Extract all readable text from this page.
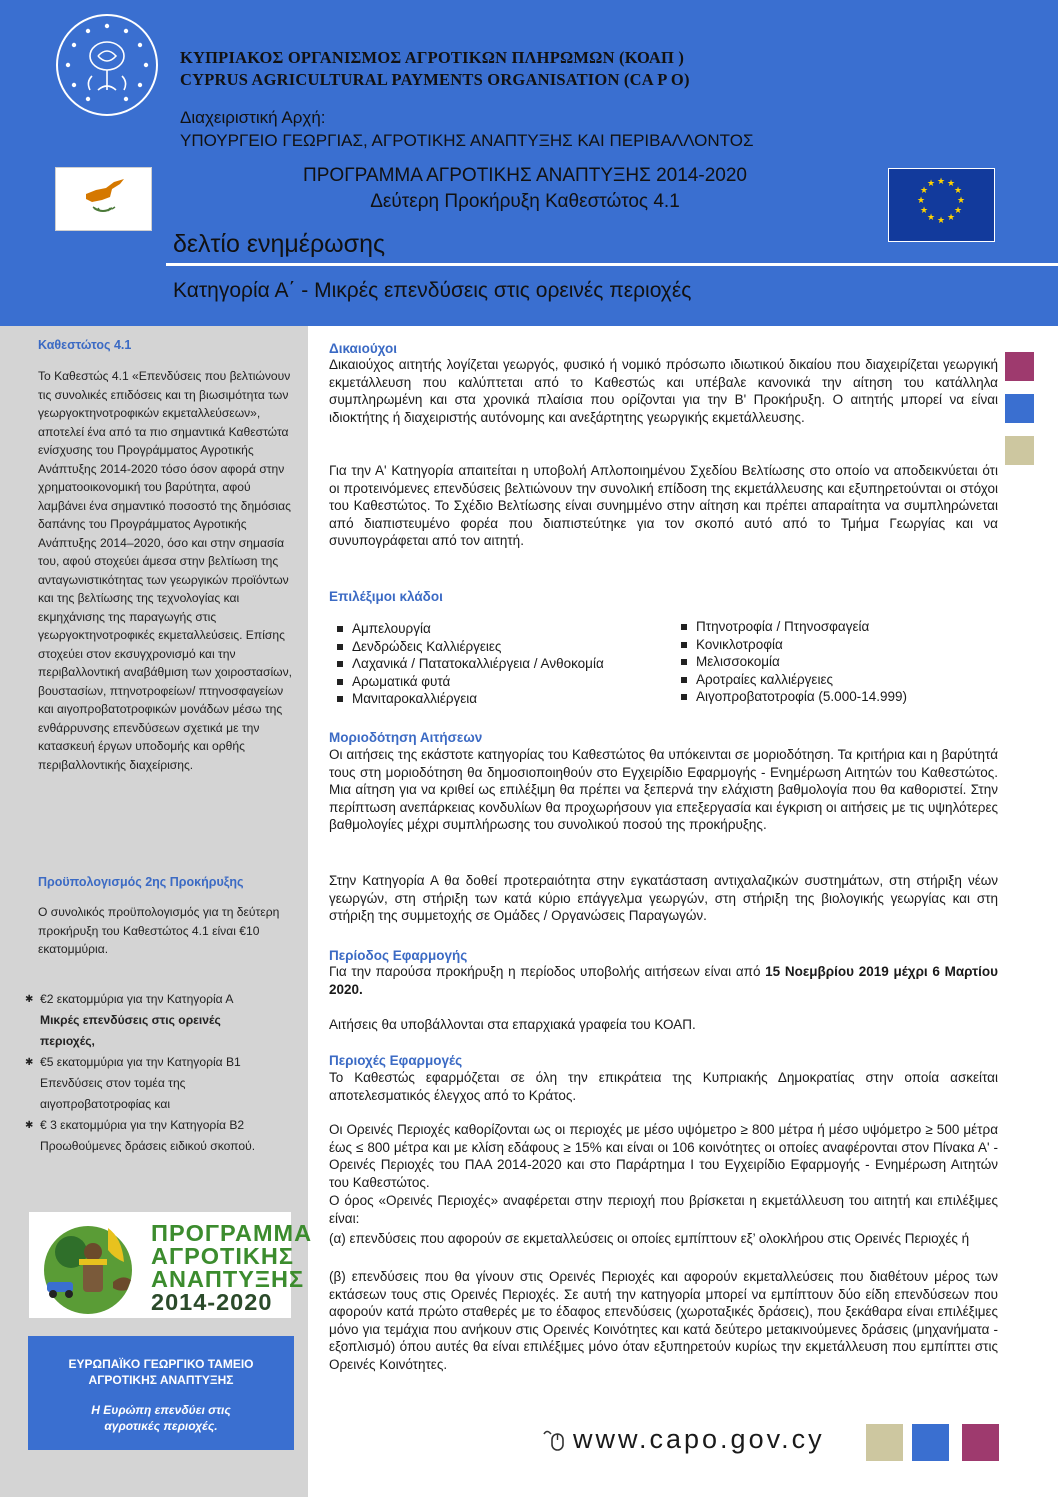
ΚΥΠΡΙΑΚΟΣ ΟΡΓΑΝΙΣΜΟΣ ΑΓΡΟΤΙΚΩΝ ΠΛΗΡΩΜΩΝ (ΚΟΑΠ )
CYPRUS AGRICULTURAL PAYMENTS ORGANISATION (CA P O)
Διαχειριστική Αρχή:
ΥΠΟΥΡΓΕΙΟ ΓΕΩΡΓΙΑΣ, ΑΓΡΟΤΙΚΗΣ ΑΝΑΠΤΥΞΗΣ ΚΑΙ ΠΕΡΙΒΑΛΛΟΝΤΟΣ
ΠΡΟΓΡΑΜΜΑ ΑΓΡΟΤΙΚΗΣ ΑΝΑΠΤΥΞΗΣ 2014-2020
Δεύτερη Προκήρυξη Καθεστώτος 4.1
★ ★
★
★
★
★
★
★
★
★
★
★
δελτίο ενημέρωσης
Κατηγορία Α΄ - Μικρές επενδύσεις στις ορεινές περιοχές
Καθεστώτος 4.1
Το Καθεστώς 4.1 «Επενδύσεις που βελτιώνουν τις συνολικές επιδόσεις και τη βιωσιμότητα των γεωργοκτηνοτροφικών εκμεταλλεύσεων», αποτελεί ένα από τα πιο σημαντικά Καθεστώτα ενίσχυσης του Προγράμματος Αγροτικής Ανάπτυξης 2014-2020 τόσο όσον αφορά στην χρηματοοικονομική του βαρύτητα, αφού λαμβάνει ένα σημαντικό ποσοστό της δημόσιας δαπάνης του Προγράμματος Αγροτικής Ανάπτυξης 2014–2020, όσο και στην σημασία του, αφού στοχεύει άμεσα στην βελτίωση της ανταγωνιστικότητας των γεωργικών προϊόντων και της βελτίωσης της τεχνολογίας και εκμηχάνισης της παραγωγής στις γεωργοκτηνοτροφικές εκμεταλλεύσεις. Επίσης στοχεύει στον εκσυγχρονισμό και την περιβαλλοντική αναβάθμιση των χοιροστασίων, βουστασίων, πτηνοτροφείων/ πτηνοσφαγείων και αιγοπροβατοτροφικών μονάδων μέσω της ενθάρρυνσης επενδύσεων σχετικά με την κατασκευή έργων υποδομής και ορθής περιβαλλοντικής διαχείρισης.
Προϋπολογισμός 2ης Προκήρυξης
Ο συνολικός προϋπολογισμός για τη δεύτερη προκήρυξη του Καθεστώτος 4.1 είναι €10 εκατομμύρια.
✱ €2 εκατομμύρια για την Κατηγορία Α
Μικρές επενδύσεις στις ορεινές
περιοχές,
✱ €5 εκατομμύρια για την Κατηγορία Β1
Επενδύσεις στον τομέα της
αιγοπροβατοτροφίας και
✱ € 3 εκατομμύρια για την Κατηγορία Β2
Προωθούμενες δράσεις ειδικού σκοπού.
ΠΡΟΓΡΑΜΜΑ
ΑΓΡΟΤΙΚΗΣ
ΑΝΑΠΤΥΞΗΣ
2014-2020
ΕΥΡΩΠΑΪΚΟ ΓΕΩΡΓΙΚΟ ΤΑΜΕΙΟ
ΑΓΡΟΤΙΚΗΣ ΑΝΑΠΤΥΞΗΣ
Η Ευρώπη επενδύει στις
αγροτικές περιοχές.
Δικαιούχοι
Δικαιούχος αιτητής λογίζεται γεωργός, φυσικό ή νομικό πρόσωπο ιδιωτικού δικαίου που διαχειρίζεται γεωργική εκμετάλλευση που καλύπτεται από το Καθεστώς και υπέβαλε κανονικά την αίτηση του κατάλληλα συμπληρωμένη και στα χρονικά πλαίσια που ορίζονται για την Β' Προκήρυξη. Ο αιτητής μπορεί να είναι ιδιοκτήτης ή διαχειριστής αυτόνομης και ανεξάρτητης γεωργικής εκμετάλλευσης.
Για την Α' Κατηγορία απαιτείται η υποβολή Απλοποιημένου Σχεδίου Βελτίωσης στο οποίο να αποδεικνύεται ότι οι προτεινόμενες επενδύσεις βελτιώνουν την συνολική επίδοση της εκμετάλλευσης και εξυπηρετούνται οι στόχοι του Καθεστώτος. Το Σχέδιο Βελτίωσης είναι συνημμένο στην αίτηση και πρέπει απαραίτητα να συμπληρώνεται από διαπιστευμένο φορέα που διαπιστεύτηκε για τον σκοπό αυτό από το Τμήμα Γεωργίας και να συνυπογράφεται από τον αιτητή.
Επιλέξιμοι κλάδοι
Αμπελουργία
Δενδρώδεις Καλλιέργειες
Λαχανικά / Πατατοκαλλιέργεια / Ανθοκομία
Αρωματικά φυτά
Μανιταροκαλλιέργεια
Πτηνοτροφία / Πτηνοσφαγεία
Κονικλοτροφία
Μελισσοκομία
Αροτραίες καλλιέργειες
Αιγοπροβατοτροφία (5.000-14.999)
Μοριοδότηση Αιτήσεων
Οι αιτήσεις της εκάστοτε κατηγορίας του Καθεστώτος θα υπόκεινται σε μοριοδότηση. Τα κριτήρια και η βαρύτητά τους στη μοριοδότηση θα δημοσιοποιηθούν στο Εγχειρίδιο Εφαρμογής - Ενημέρωση Αιτητών του Καθεστώτος. Μια αίτηση για να κριθεί ως επιλέξιμη θα πρέπει να ξεπερνά την ελάχιστη βαθμολογία που θα καθοριστεί. Στην περίπτωση ανεπάρκειας κονδυλίων θα προχωρήσουν για επεξεργασία και έγκριση οι αιτήσεις με τις υψηλότερες βαθμολογίες μέχρι συμπλήρωσης του συνολικού ποσού της προκήρυξης.
Στην Κατηγορία Α θα δοθεί προτεραιότητα στην εγκατάσταση αντιχαλαζικών συστημάτων, στη στήριξη νέων γεωργών, στη στήριξη των κατά κύριο επάγγελμα γεωργών, στη στήριξη της βιολογικής γεωργίας και στη στήριξη της συμμετοχής σε Ομάδες / Οργανώσεις Παραγωγών.
Περίοδος Εφαρμογής
Για την παρούσα προκήρυξη η περίοδος υποβολής αιτήσεων είναι από 15 Νοεμβρίου 2019 μέχρι 6 Μαρτίου 2020.
Αιτήσεις θα υποβάλλονται στα επαρχιακά γραφεία του ΚΟΑΠ.
Περιοχές Εφαρμογές
Το Καθεστώς εφαρμόζεται σε όλη την επικράτεια της Κυπριακής Δημοκρατίας στην οποία ασκείται αποτελεσματικός έλεγχος από το Κράτος.
Οι Ορεινές Περιοχές καθορίζονται ως οι περιοχές με μέσο υψόμετρο ≥ 800 μέτρα ή μέσο υψόμετρο ≥ 500 μέτρα έως ≤ 800 μέτρα και με κλίση εδάφους ≥ 15% και είναι οι 106 κοινότητες οι οποίες αναφέρονται στον Πίνακα Α' - Ορεινές Περιοχές του ΠΑΑ 2014-2020 και στο Παράρτημα Ι του Εγχειρίδιο Εφαρμογής - Ενημέρωση Αιτητών του Καθεστώτος.
Ο όρος «Ορεινές Περιοχές» αναφέρεται στην περιοχή που βρίσκεται η εκμετάλλευση του αιτητή και επιλέξιμες είναι:
(α) επενδύσεις που αφορούν σε εκμεταλλεύσεις οι οποίες εμπίπτουν εξ’ ολοκλήρου στις Ορεινές Περιοχές ή
(β) επενδύσεις που θα γίνουν στις Ορεινές Περιοχές και αφορούν εκμεταλλεύσεις που διαθέτουν μέρος των εκτάσεων τους στις Ορεινές Περιοχές. Σε αυτή την κατηγορία μπορεί να εμπίπτουν δύο είδη επενδύσεων που αφορούν κατά πρώτο σταθερές με το έδαφος επενδύσεις (χωροταξικές δράσεις), που ξεκάθαρα είναι επιλέξιμες μόνο για τεμάχια που ανήκουν στις Ορεινές Κοινότητες και κατά δεύτερο μετακινούμενες δράσεις (μηχανήματα - εξοπλισμό) όπου αυτές θα είναι επιλέξιμες μόνο όταν εξυπηρετούν κυρίως την εκμετάλλευση που εμπίπτει στις Ορεινές Κοινότητες.
www.capo.gov.cy
